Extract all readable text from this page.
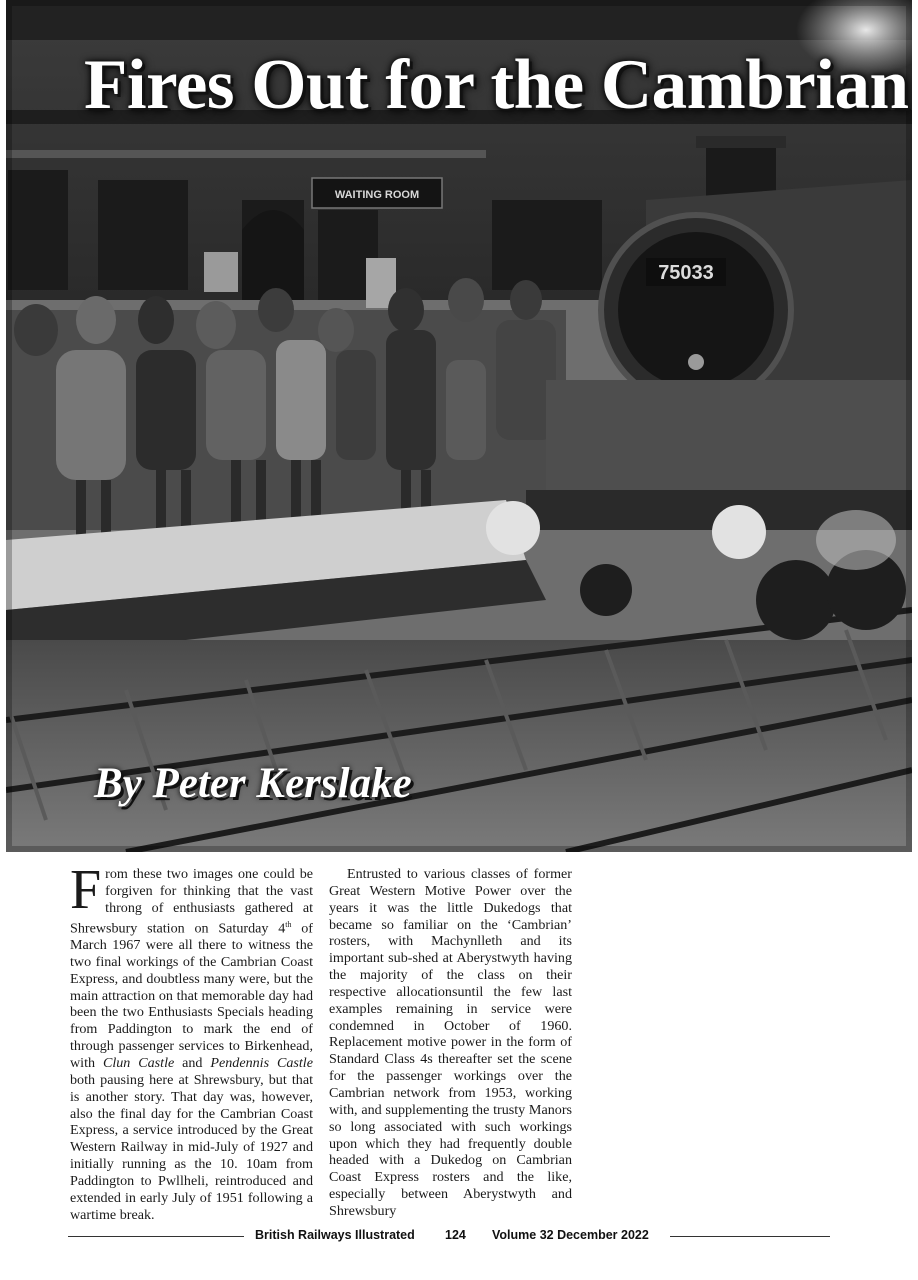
WAITING ROOM
75033
Fires Out for the Cambrian
By Peter Kerslake

From these two images one could be forgiven for thinking that the vast throng of enthusiasts gathered at Shrewsbury station on Saturday 4th of March 1967 were all there to witness the two final workings of the Cambrian Coast Express, and doubtless many were, but the main attraction on that memorable day had been the two Enthusiasts Specials heading from Paddington to mark the end of through passenger services to Birkenhead, with Clun Castle and Pendennis Castle both pausing here at Shrewsbury, but that is another story. That day was, however, also the final day for the Cambrian Coast Express, a service introduced by the Great Western Railway in mid-July of 1927 and initially running as the 10. 10am from Paddington to Pwllheli, reintroduced and extended in early July of 1951 following a wartime break.

Entrusted to various classes of former Great Western Motive Power over the years it was the little Dukedogs that became so familiar on the ‘Cambrian’ rosters, with Machynlleth and its important sub-shed at Aberystwyth having the majority of the class on their respective allocationsuntil the few last examples remaining in service were condemned in October of 1960. Replacement motive power in the form of Standard Class 4s thereafter set the scene for the passenger workings over the Cambrian network from 1953, working with, and supplementing the trusty Manors so long associated with such workings upon which they had frequently double headed with a Dukedog on Cambrian Coast Express rosters and the like, especially between Aberystwyth and Shrewsbury

British Railways Illustrated 124 Volume 32 December 2022
